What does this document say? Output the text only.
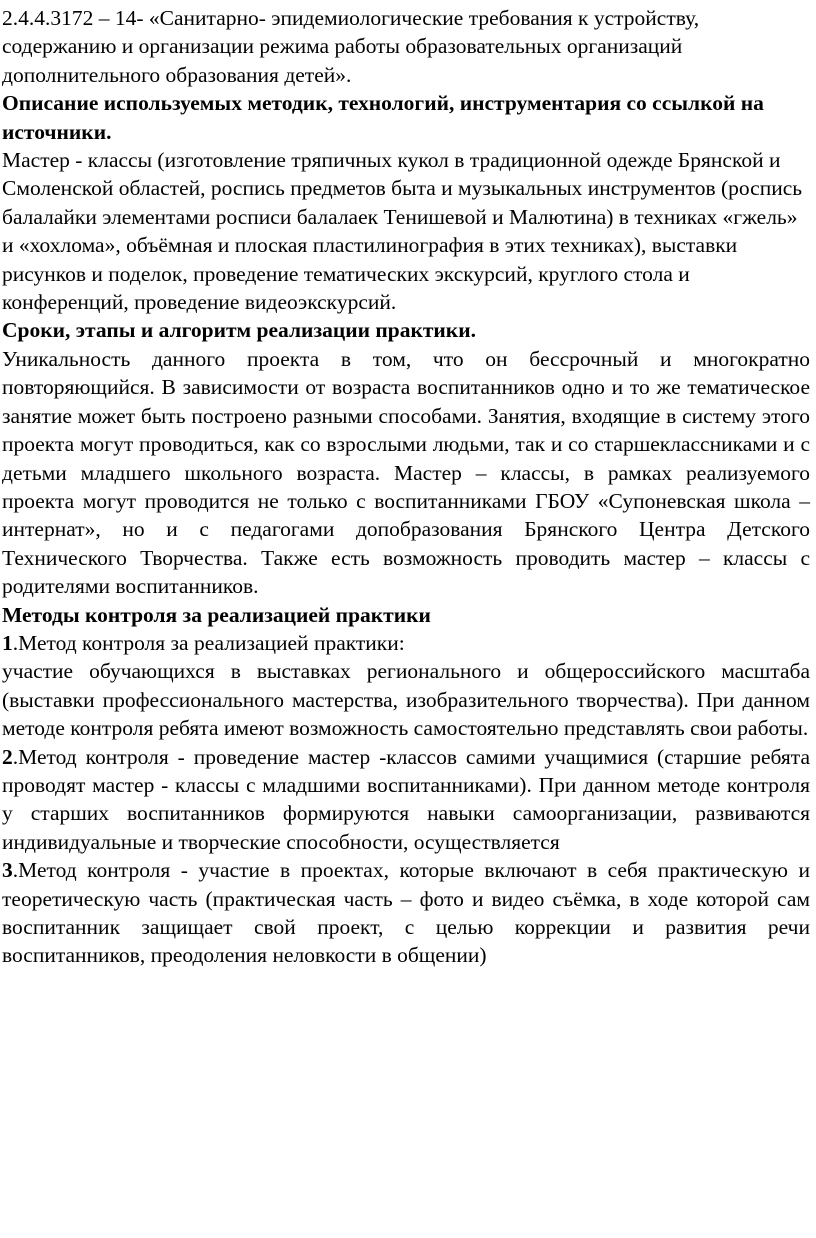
2.4.4.3172 – 14- «Санитарно- эпидемиологические требования к устройству, содержанию и организации режима работы образовательных организаций дополнительного образования детей».

Описание используемых методик, технологий, инструментария со ссылкой на источники.

Мастер - классы (изготовление тряпичных кукол в традиционной одежде Брянской и Смоленской областей, роспись предметов быта и музыкальных инструментов (роспись балалайки элементами росписи балалаек Тенишевой и Малютина) в техниках «гжель» и «хохлома», объёмная и плоская пластилинография в этих техниках), выставки рисунков и поделок, проведение тематических экскурсий, круглого стола и конференций, проведение видеоэкскурсий.

Сроки, этапы и алгоритм реализации практики.

Уникальность данного проекта в том, что он бессрочный и многократно повторяющийся. В зависимости от возраста воспитанников одно и то же тематическое занятие может быть построено разными способами. Занятия, входящие в систему этого проекта могут проводиться, как со взрослыми людьми, так и со старшеклассниками и с детьми младшего школьного возраста. Мастер – классы, в рамках реализуемого проекта могут проводится не только с воспитанниками ГБОУ «Супоневская школа – интернат», но и с педагогами допобразования Брянского Центра Детского Технического Творчества. Также есть возможность проводить мастер – классы с родителями воспитанников.

Методы контроля за реализацией практики

1.Метод контроля за реализацией практики:

участие обучающихся в выставках регионального и общероссийского масштаба (выставки профессионального мастерства, изобразительного творчества). При данном методе контроля ребята имеют возможность самостоятельно представлять свои работы.

2.Метод контроля - проведение мастер -классов самими учащимися (старшие ребята проводят мастер - классы с младшими воспитанниками). При данном методе контроля у старших воспитанников формируются навыки самоорганизации, развиваются индивидуальные и творческие способности, осуществляется

3.Метод контроля - участие в проектах, которые включают в себя практическую и теоретическую часть (практическая часть – фото и видео съёмка, в ходе которой сам воспитанник защищает свой проект, с целью коррекции и развития речи воспитанников, преодоления неловкости в общении)
